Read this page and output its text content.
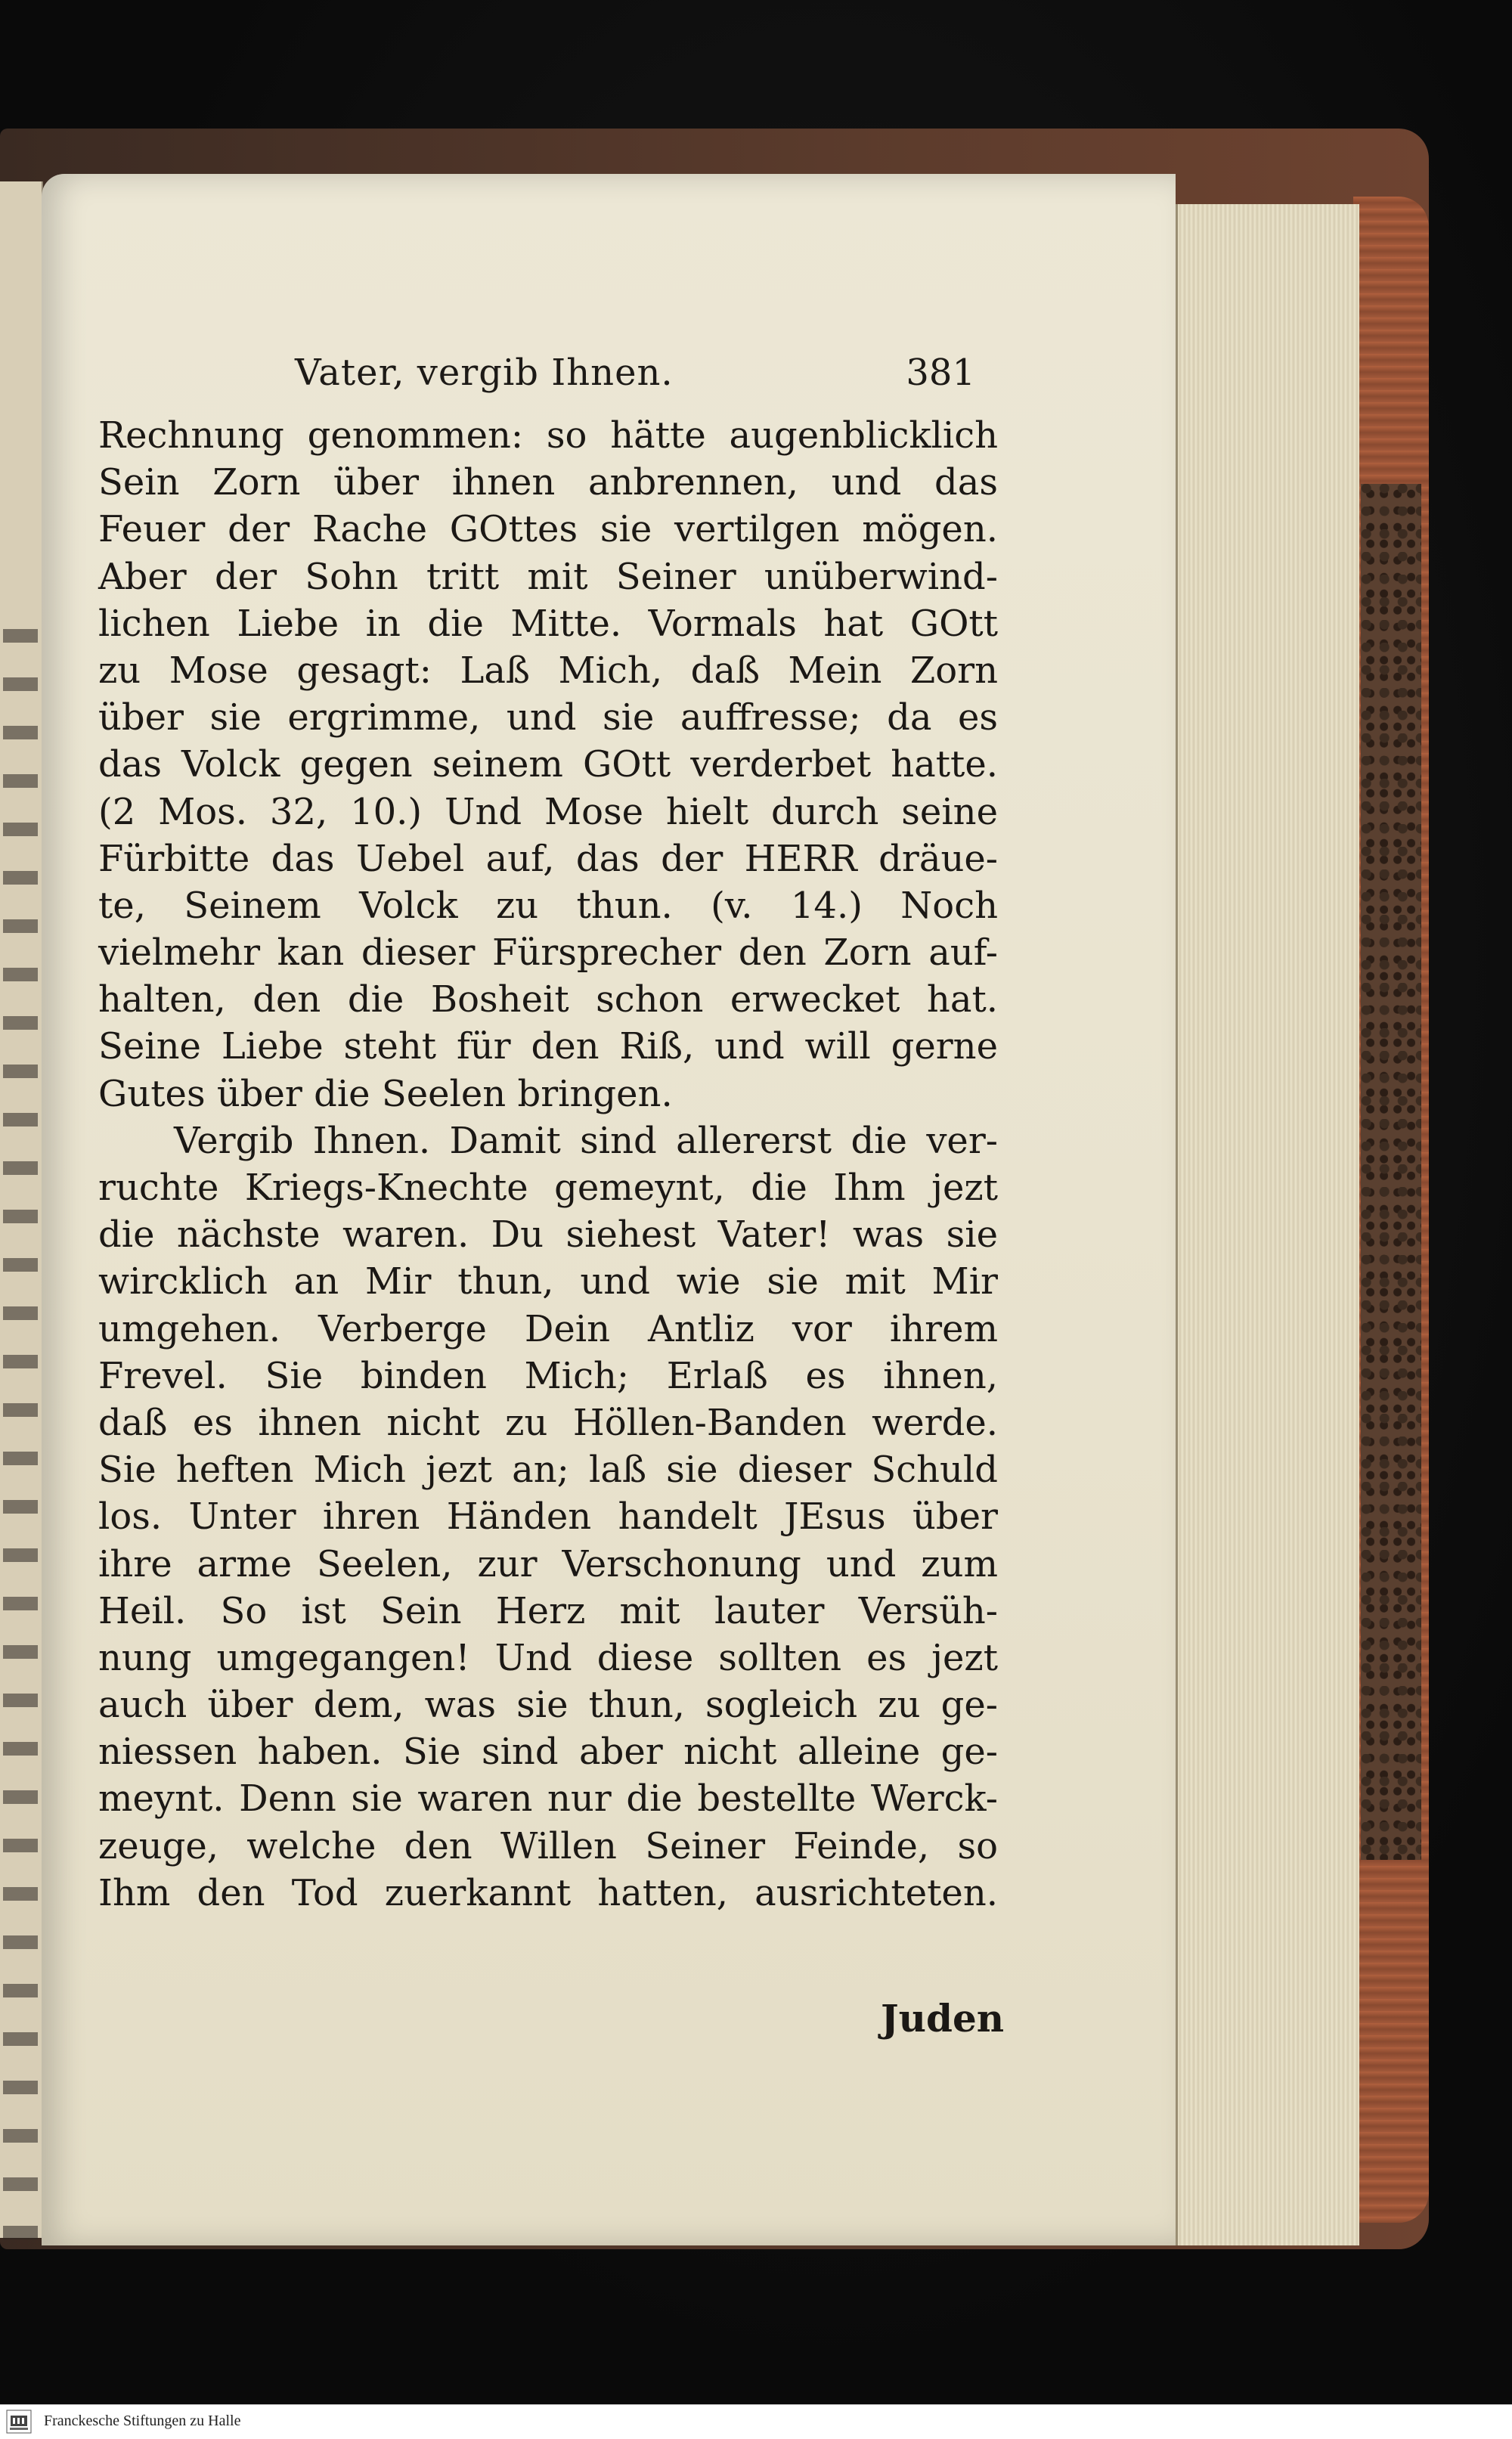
Vater, vergib Ihnen.	381
Rechnung genommen: so hätte augenblicklich
Sein Zorn über ihnen anbrennen, und das
Feuer der Rache GOttes sie vertilgen mögen.
Aber der Sohn tritt mit Seiner unüberwind-
lichen Liebe in die Mitte. Vormals hat GOtt
zu Mose gesagt: Laß Mich, daß Mein Zorn
über sie ergrimme, und sie auffresse; da es
das Volck gegen seinem GOtt verderbet hatte.
(2 Mos. 32, 10.) Und Mose hielt durch seine
Fürbitte das Uebel auf, das der HERR dräue-
te, Seinem Volck zu thun. (v. 14.) Noch
vielmehr kan dieser Fürsprecher den Zorn auf-
halten, den die Bosheit schon erwecket hat.
Seine Liebe steht für den Riß, und will gerne
Gutes über die Seelen bringen.
Vergib Ihnen. Damit sind allererst die ver-
ruchte Kriegs-Knechte gemeynt, die Ihm jezt
die nächste waren. Du siehest Vater! was sie
wircklich an Mir thun, und wie sie mit Mir
umgehen. Verberge Dein Antliz vor ihrem
Frevel. Sie binden Mich; Erlaß es ihnen,
daß es ihnen nicht zu Höllen-Banden werde.
Sie heften Mich jezt an; laß sie dieser Schuld
los. Unter ihren Händen handelt JEsus über
ihre arme Seelen, zur Verschonung und zum
Heil. So ist Sein Herz mit lauter Versüh-
nung umgegangen! Und diese sollten es jezt
auch über dem, was sie thun, sogleich zu ge-
niessen haben. Sie sind aber nicht alleine ge-
meynt. Denn sie waren nur die bestellte Werck-
zeuge, welche den Willen Seiner Feinde, so
Ihm den Tod zuerkannt hatten, ausrichteten.
Juden
Franckesche Stiftungen zu Halle
